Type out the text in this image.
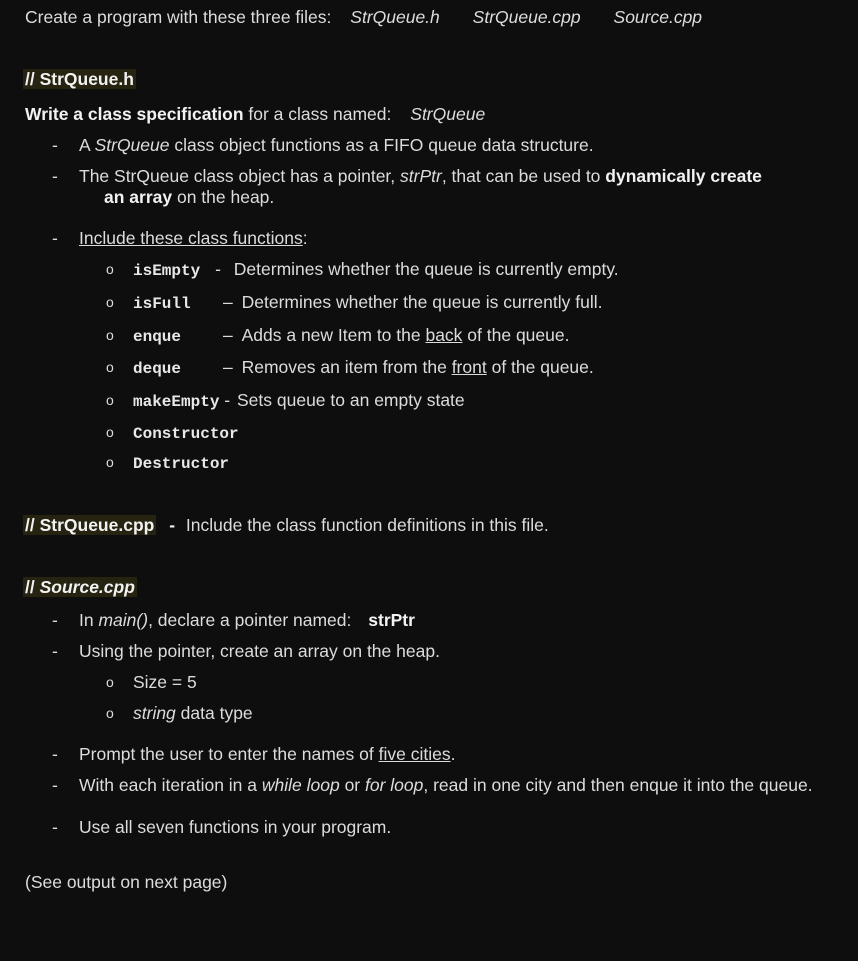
Create a program with these three files: StrQueue.h StrQueue.cpp Source.cpp
// StrQueue.h
Write a class specification for a class named: StrQueue
- A StrQueue class object functions as a FIFO queue data structure.
- The StrQueue class object has a pointer, strPtr, that can be used to dynamically create
an array on the heap.
- Include these class functions:
o isEmpty - Determines whether the queue is currently empty.
o isFull – Determines whether the queue is currently full.
o enque – Adds a new Item to the back of the queue.
o deque – Removes an item from the front of the queue.
o makeEmpty - Sets queue to an empty state
o Constructor
o Destructor
// StrQueue.cpp - Include the class function definitions in this file.
// Source.cpp
- In main(), declare a pointer named: strPtr
- Using the pointer, create an array on the heap.
o Size = 5
o string data type
- Prompt the user to enter the names of five cities.
- With each iteration in a while loop or for loop, read in one city and then enque it into the queue.
- Use all seven functions in your program.
(See output on next page)
